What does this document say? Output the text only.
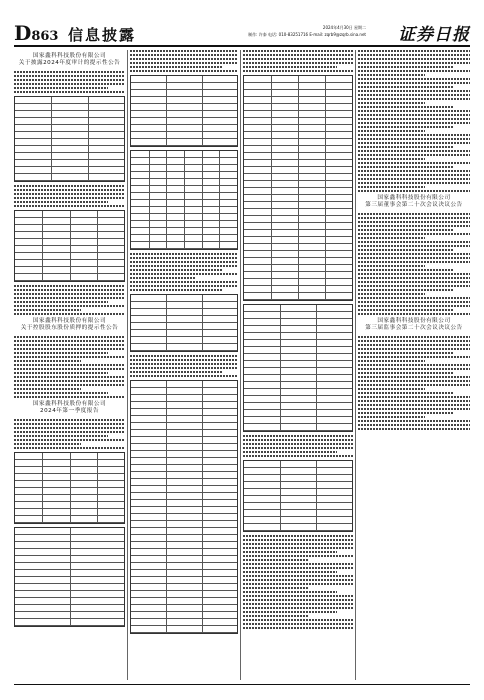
D863 信息披露	2024年4月30日 星期二
制作: 许泰 电话: 010-83251716 E-mail: zqrb9@zqrb.sina.net 证券日报
国家鑫科科技股份有限公司
关于披露2024年度审计的提示性公告
国家鑫科科技股份有限公司
关于控股股东股份质押的提示性公告
国家鑫科科技股份有限公司
2024年第一季度报告
国家鑫科科技股份有限公司
第三届董事会第二十次会议决议公告
国家鑫科科技股份有限公司
第三届监事会第二十次会议决议公告
